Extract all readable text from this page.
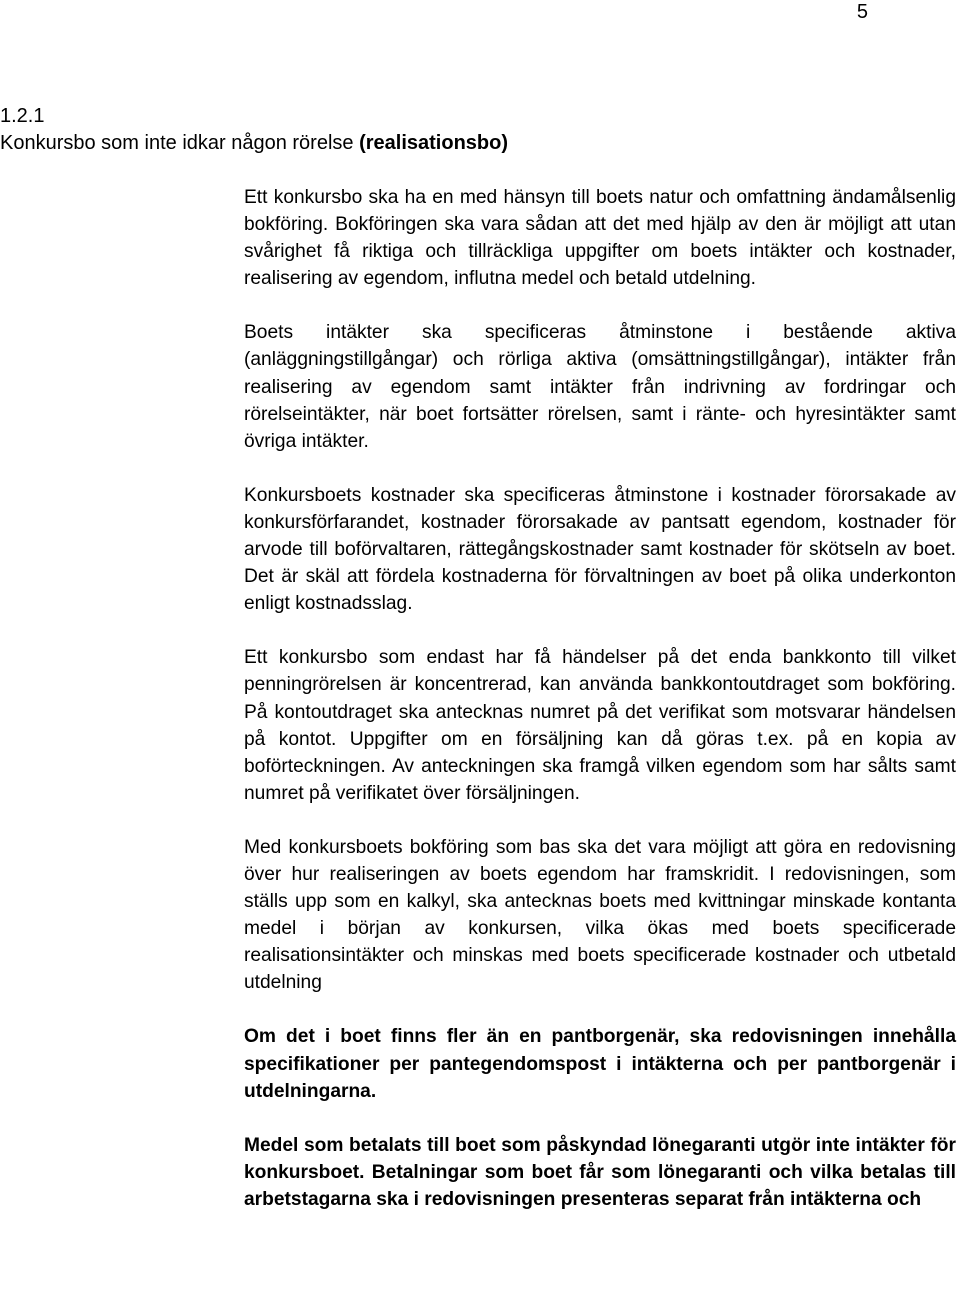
5
1.2.1
Konkursbo som inte idkar någon rörelse (realisationsbo)

Ett konkursbo ska ha en med hänsyn till boets natur och omfattning ändamålsenlig bokföring. Bokföringen ska vara sådan att det med hjälp av den är möjligt att utan svårighet få riktiga och tillräckliga uppgifter om boets intäkter och kostnader, realisering av egendom, influtna medel och betald utdelning.

Boets intäkter ska specificeras åtminstone i bestående aktiva (anläggningstillgångar) och rörliga aktiva (omsättningstillgångar), intäkter från realisering av egendom samt intäkter från indrivning av fordringar och rörelseintäkter, när boet fortsätter rörelsen, samt i ränte- och hyresintäkter samt övriga intäkter.

Konkursboets kostnader ska specificeras åtminstone i kostnader förorsakade av konkursförfarandet, kostnader förorsakade av pantsatt egendom, kostnader för arvode till boförvaltaren, rättegångskostnader samt kostnader för skötseln av boet. Det är skäl att fördela kostnaderna för förvaltningen av boet på olika underkonton enligt kostnadsslag.

Ett konkursbo som endast har få händelser på det enda bankkonto till vilket penningrörelsen är koncentrerad, kan använda bankkontoutdraget som bokföring. På kontoutdraget ska antecknas numret på det verifikat som motsvarar händelsen på kontot. Uppgifter om en försäljning kan då göras t.ex. på en kopia av boförteckningen. Av anteckningen ska framgå vilken egendom som har sålts samt numret på verifikatet över försäljningen.

Med konkursboets bokföring som bas ska det vara möjligt att göra en redovisning över hur realiseringen av boets egendom har framskridit. I redovisningen, som ställs upp som en kalkyl, ska antecknas boets med kvittningar minskade kontanta medel i början av konkursen, vilka ökas med boets specificerade realisationsintäkter och minskas med boets specificerade kostnader och utbetald utdelning

Om det i boet finns fler än en pantborgenär, ska redovisningen innehålla specifikationer per pantegendomspost i intäkterna och per pantborgenär i utdelningarna.

Medel som betalats till boet som påskyndad lönegaranti utgör inte intäkter för konkursboet. Betalningar som boet får som lönegaranti och vilka betalas till arbetstagarna ska i redovisningen presenteras separat från intäkterna och
